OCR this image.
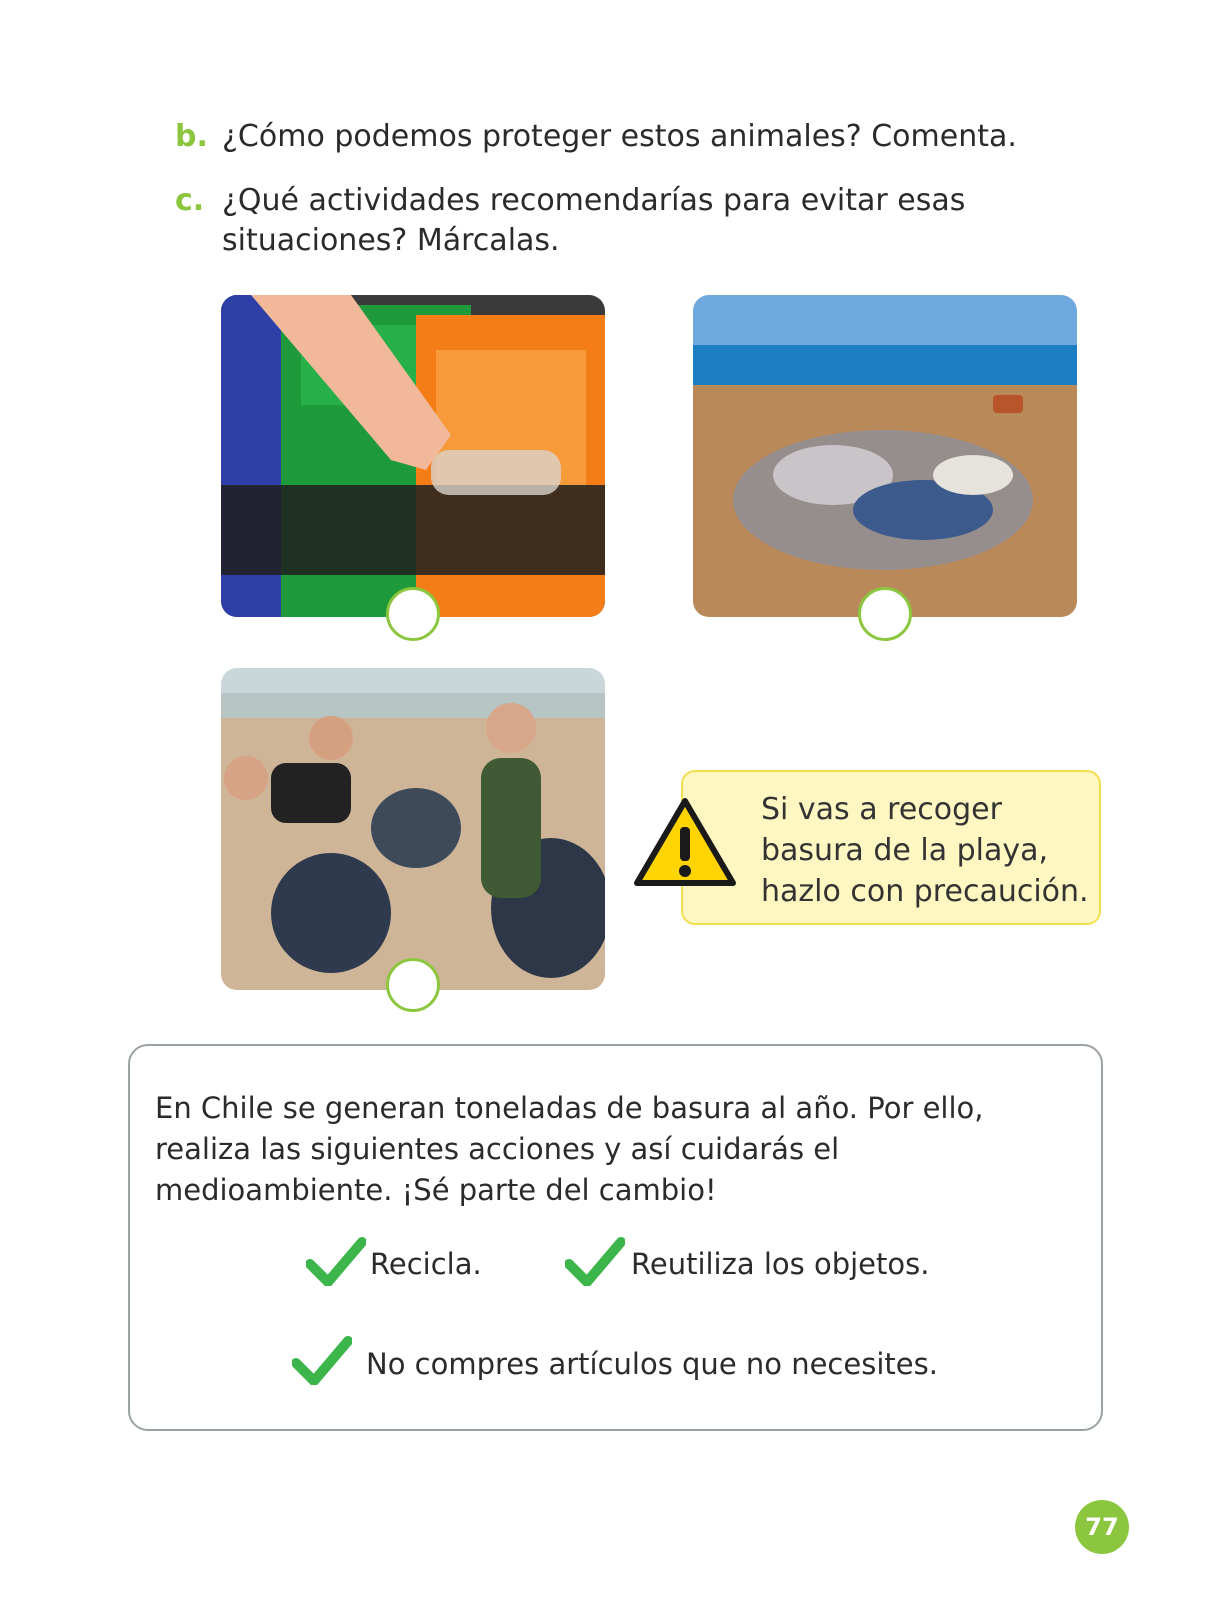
b. ¿Cómo podemos proteger estos animales? Comenta.
c. ¿Qué actividades recomendarías para evitar esas situaciones? Márcalas.
Si vas a recoger basura de la playa, hazlo con precaución.
En Chile se generan toneladas de basura al año. Por ello, realiza las siguientes acciones y así cuidarás el medioambiente. ¡Sé parte del cambio!
Recicla.	Reutiliza los objetos.
No compres artículos que no necesites.
77
